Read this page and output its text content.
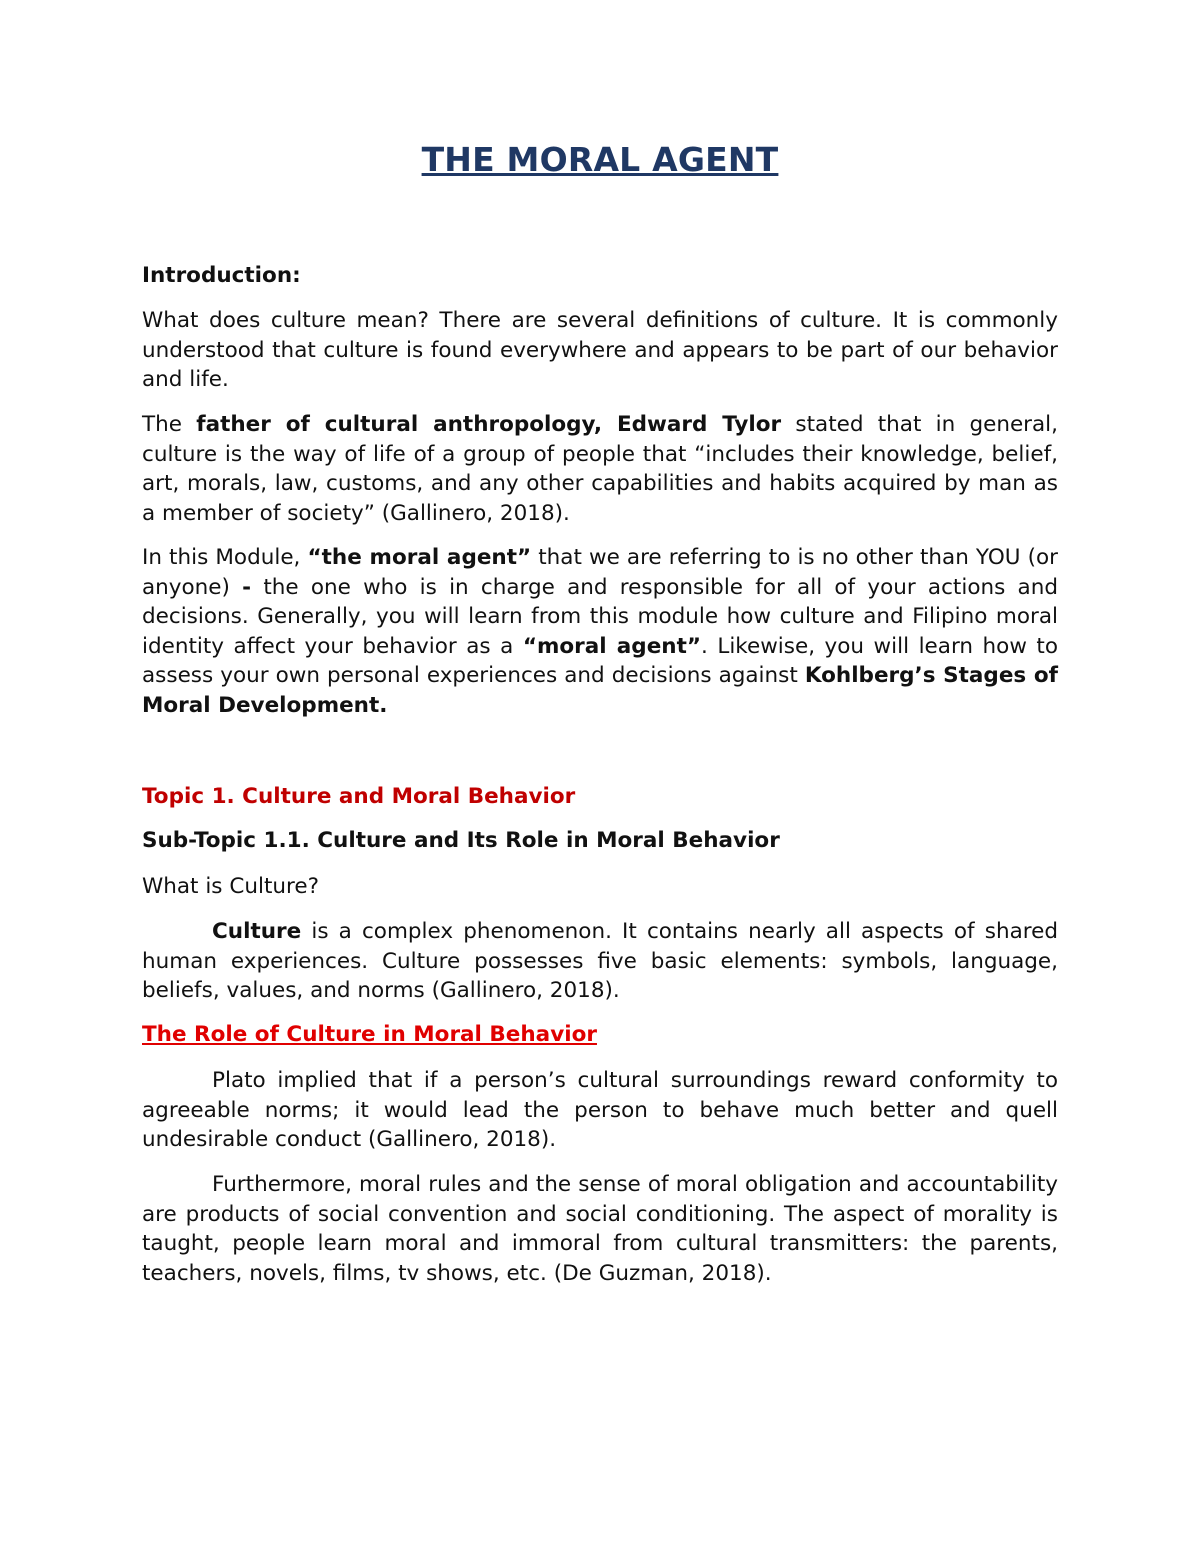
THE MORAL AGENT
Introduction:
What does culture mean? There are several definitions of culture. It is commonly understood that culture is found everywhere and appears to be part of our behavior and life.
The father of cultural anthropology, Edward Tylor stated that in general, culture is the way of life of a group of people that “includes their knowledge, belief, art, morals, law, customs, and any other capabilities and habits acquired by man as a member of society” (Gallinero, 2018).
In this Module, “the moral agent” that we are referring to is no other than YOU (or anyone) - the one who is in charge and responsible for all of your actions and decisions. Generally, you will learn from this module how culture and Filipino moral identity affect your behavior as a “moral agent”. Likewise, you will learn how to assess your own personal experiences and decisions against Kohlberg’s Stages of Moral Development.
Topic 1. Culture and Moral Behavior
Sub-Topic 1.1. Culture and Its Role in Moral Behavior
What is Culture?
Culture is a complex phenomenon. It contains nearly all aspects of shared human experiences. Culture possesses five basic elements: symbols, language, beliefs, values, and norms (Gallinero, 2018).
The Role of Culture in Moral Behavior
Plato implied that if a person’s cultural surroundings reward conformity to agreeable norms; it would lead the person to behave much better and quell undesirable conduct (Gallinero, 2018).
Furthermore, moral rules and the sense of moral obligation and accountability are products of social convention and social conditioning. The aspect of morality is taught, people learn moral and immoral from cultural transmitters: the parents, teachers, novels, films, tv shows, etc. (De Guzman, 2018).
